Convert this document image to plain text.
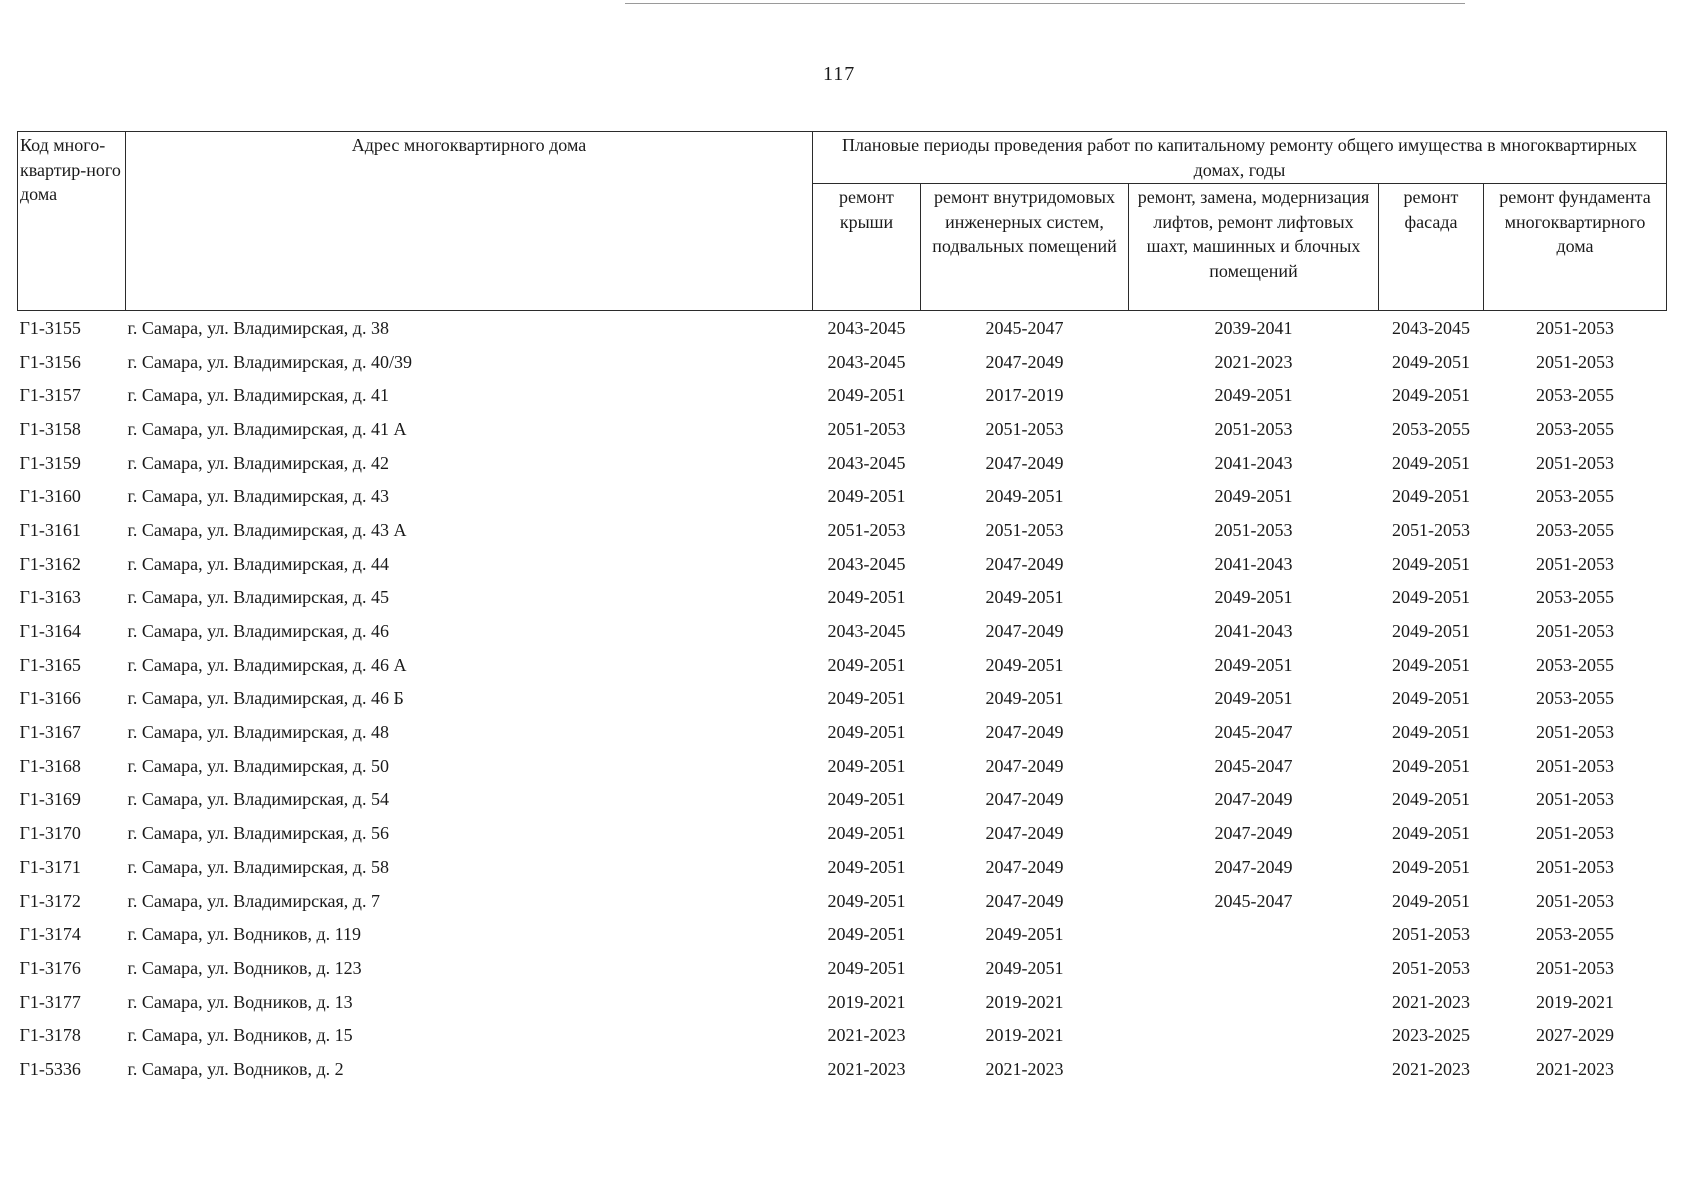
117
Код много-квартир-ного дома	Адрес многоквартирного дома	Плановые периоды проведения работ по капитальному ремонту общего имущества в многоквартирных домах, годы				
		ремонт крыши	ремонт внутридомовых инженерных систем, подвальных помещений	ремонт, замена, модернизация лифтов, ремонт лифтовых шахт, машинных и блочных помещений	ремонт фасада	ремонт фундамента многоквартирного дома
Г1-3155	г. Самара, ул. Владимирская, д. 38	2043-2045	2045-2047	2039-2041	2043-2045	2051-2053
Г1-3156	г. Самара, ул. Владимирская, д. 40/39	2043-2045	2047-2049	2021-2023	2049-2051	2051-2053
Г1-3157	г. Самара, ул. Владимирская, д. 41	2049-2051	2017-2019	2049-2051	2049-2051	2053-2055
Г1-3158	г. Самара, ул. Владимирская, д. 41 А	2051-2053	2051-2053	2051-2053	2053-2055	2053-2055
Г1-3159	г. Самара, ул. Владимирская, д. 42	2043-2045	2047-2049	2041-2043	2049-2051	2051-2053
Г1-3160	г. Самара, ул. Владимирская, д. 43	2049-2051	2049-2051	2049-2051	2049-2051	2053-2055
Г1-3161	г. Самара, ул. Владимирская, д. 43 А	2051-2053	2051-2053	2051-2053	2051-2053	2053-2055
Г1-3162	г. Самара, ул. Владимирская, д. 44	2043-2045	2047-2049	2041-2043	2049-2051	2051-2053
Г1-3163	г. Самара, ул. Владимирская, д. 45	2049-2051	2049-2051	2049-2051	2049-2051	2053-2055
Г1-3164	г. Самара, ул. Владимирская, д. 46	2043-2045	2047-2049	2041-2043	2049-2051	2051-2053
Г1-3165	г. Самара, ул. Владимирская, д. 46 А	2049-2051	2049-2051	2049-2051	2049-2051	2053-2055
Г1-3166	г. Самара, ул. Владимирская, д. 46 Б	2049-2051	2049-2051	2049-2051	2049-2051	2053-2055
Г1-3167	г. Самара, ул. Владимирская, д. 48	2049-2051	2047-2049	2045-2047	2049-2051	2051-2053
Г1-3168	г. Самара, ул. Владимирская, д. 50	2049-2051	2047-2049	2045-2047	2049-2051	2051-2053
Г1-3169	г. Самара, ул. Владимирская, д. 54	2049-2051	2047-2049	2047-2049	2049-2051	2051-2053
Г1-3170	г. Самара, ул. Владимирская, д. 56	2049-2051	2047-2049	2047-2049	2049-2051	2051-2053
Г1-3171	г. Самара, ул. Владимирская, д. 58	2049-2051	2047-2049	2047-2049	2049-2051	2051-2053
Г1-3172	г. Самара, ул. Владимирская, д. 7	2049-2051	2047-2049	2045-2047	2049-2051	2051-2053
Г1-3174	г. Самара, ул. Водников, д. 119	2049-2051	2049-2051		2051-2053	2053-2055
Г1-3176	г. Самара, ул. Водников, д. 123	2049-2051	2049-2051		2051-2053	2051-2053
Г1-3177	г. Самара, ул. Водников, д. 13	2019-2021	2019-2021		2021-2023	2019-2021
Г1-3178	г. Самара, ул. Водников, д. 15	2021-2023	2019-2021		2023-2025	2027-2029
Г1-5336	г. Самара, ул. Водников, д. 2	2021-2023	2021-2023		2021-2023	2021-2023
